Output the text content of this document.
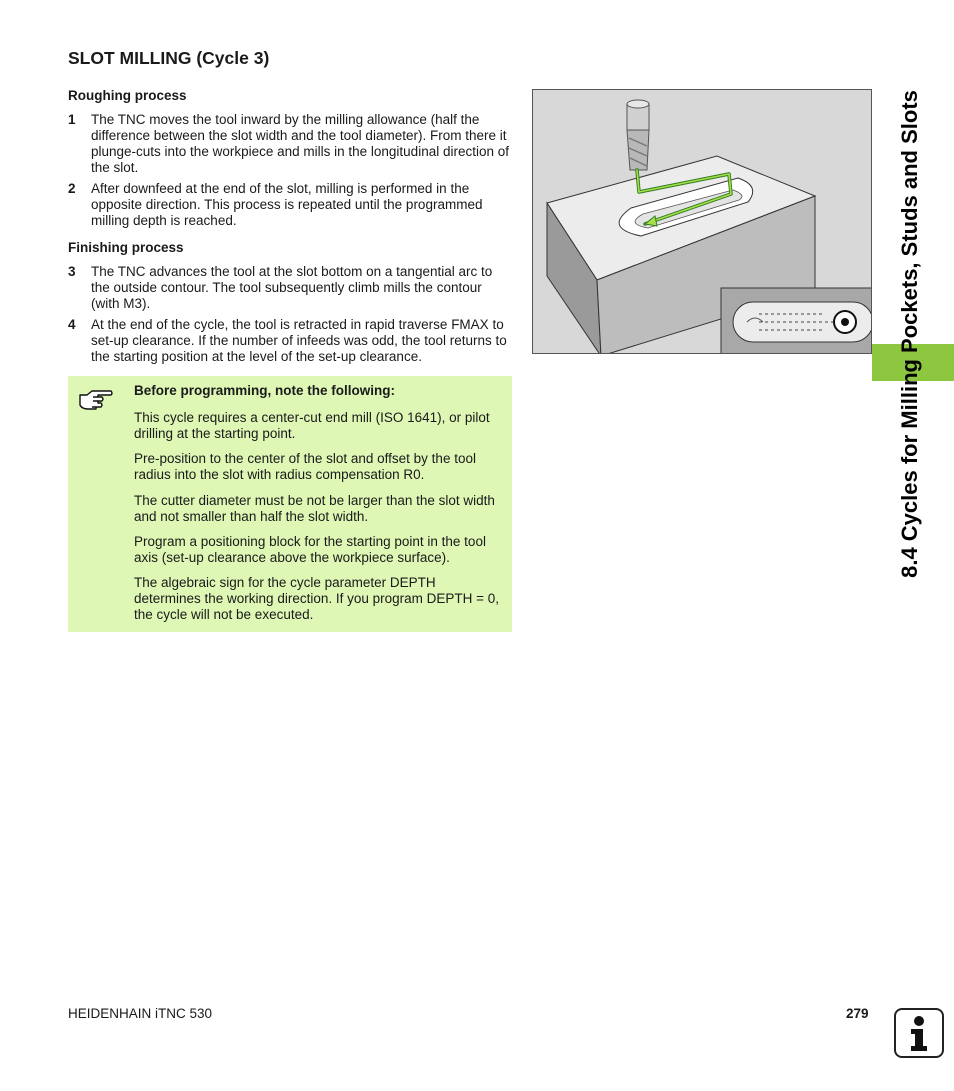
SLOT MILLING (Cycle 3)
Roughing process
1 The TNC moves the tool inward by the milling allowance (half the difference between the slot width and the tool diameter). From there it plunge-cuts into the workpiece and mills in the longitudinal direction of the slot.
2 After downfeed at the end of the slot, milling is performed in the opposite direction. This process is repeated until the programmed milling depth is reached.
Finishing process
3 The TNC advances the tool at the slot bottom on a tangential arc to the outside contour. The tool subsequently climb mills the contour (with M3).
4 At the end of the cycle, the tool is retracted in rapid traverse FMAX to set-up clearance. If the number of infeeds was odd, the tool returns to the starting position at the level of the set-up clearance.
Before programming, note the following:

This cycle requires a center-cut end mill (ISO 1641), or pilot drilling at the starting point.

Pre-position to the center of the slot and offset by the tool radius into the slot with radius compensation R0.

The cutter diameter must be not be larger than the slot width and not smaller than half the slot width.

Program a positioning block for the starting point in the tool axis (set-up clearance above the workpiece surface).

The algebraic sign for the cycle parameter DEPTH determines the working direction. If you program DEPTH = 0, the cycle will not be executed.

8.4 Cycles for Milling Pockets, Studs and Slots
HEIDENHAIN iTNC 530	279
